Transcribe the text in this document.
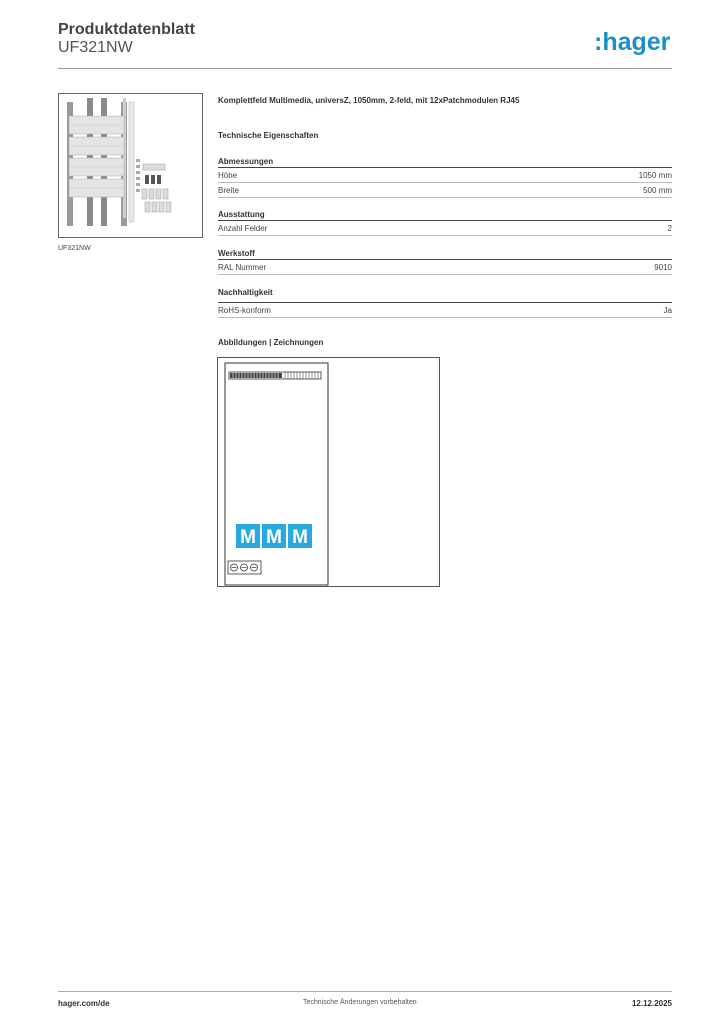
Produktdatenblatt
UF321NW	:hager
UF321NW
Komplettfeld Multimedia, universZ, 1050mm, 2-feld, mit 12xPatchmodulen RJ45
Technische Eigenschaften
Abmessungen
Höhe	1050 mm
Breite	500 mm
Ausstattung
Anzahl Felder	2
Werkstoff
RAL Nummer	9010
Nachhaltigkeit
RoHS-konform	Ja
Abbildungen | Zeichnungen
M M M
hager.com/de	Technische Änderungen vorbehalten	12.12.2025
